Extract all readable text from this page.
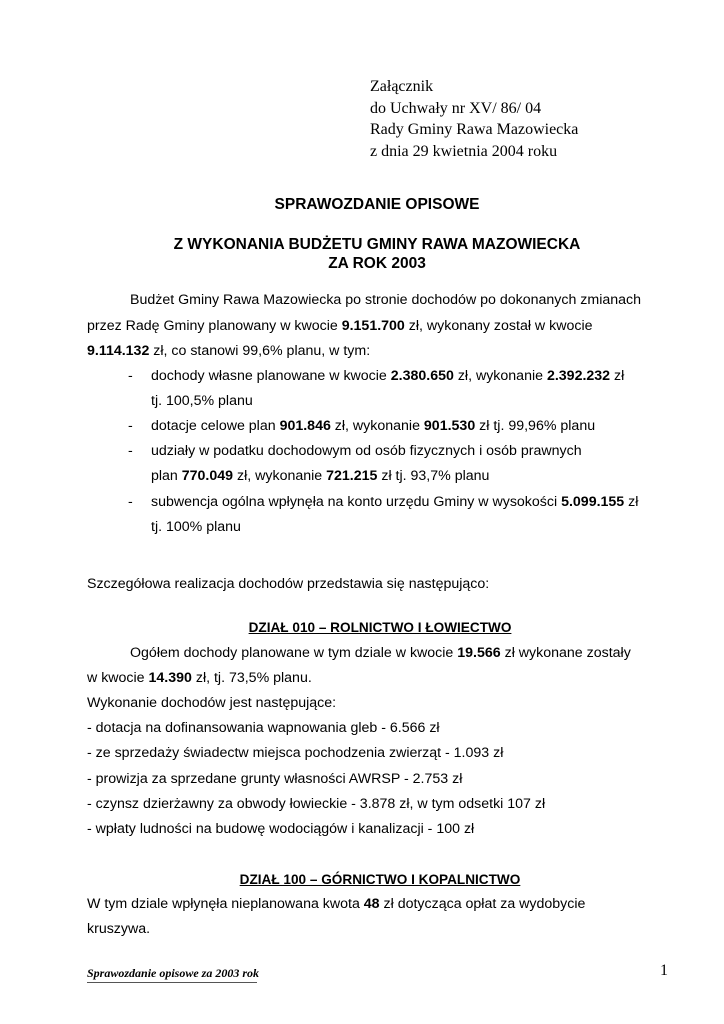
Załącznik
do Uchwały nr XV/ 86/ 04
Rady Gminy Rawa Mazowiecka
z dnia 29 kwietnia 2004 roku
SPRAWOZDANIE OPISOWE
Z WYKONANIA BUDŻETU GMINY RAWA MAZOWIECKA
ZA ROK 2003
Budżet Gminy Rawa Mazowiecka po stronie dochodów po dokonanych zmianach
przez Radę Gminy planowany w kwocie 9.151.700 zł, wykonany został w kwocie
9.114.132 zł, co stanowi 99,6% planu, w tym:
- dochody własne planowane w kwocie 2.380.650 zł, wykonanie 2.392.232 zł
tj. 100,5% planu
- dotacje celowe plan 901.846 zł, wykonanie 901.530 zł tj. 99,96% planu
- udziały w podatku dochodowym od osób fizycznych i osób prawnych
plan 770.049 zł, wykonanie 721.215 zł tj. 93,7% planu
- subwencja ogólna wpłynęła na konto urzędu Gminy w wysokości 5.099.155 zł
tj. 100% planu
Szczegółowa realizacja dochodów przedstawia się następująco:
DZIAŁ 010 – ROLNICTWO I ŁOWIECTWO
Ogółem dochody planowane w tym dziale w kwocie 19.566 zł wykonane zostały
w kwocie 14.390 zł, tj. 73,5% planu.
Wykonanie dochodów jest następujące:
- dotacja na dofinansowania wapnowania gleb - 6.566 zł
- ze sprzedaży świadectw miejsca pochodzenia zwierząt - 1.093 zł
- prowizja za sprzedane grunty własności AWRSP - 2.753 zł
- czynsz dzierżawny za obwody łowieckie - 3.878 zł, w tym odsetki 107 zł
- wpłaty ludności na budowę wodociągów i kanalizacji - 100 zł
DZIAŁ 100 – GÓRNICTWO I KOPALNICTWO
W tym dziale wpłynęła nieplanowana kwota 48 zł dotycząca opłat za wydobycie
kruszywa.
Sprawozdanie opisowe za 2003 rok	1
